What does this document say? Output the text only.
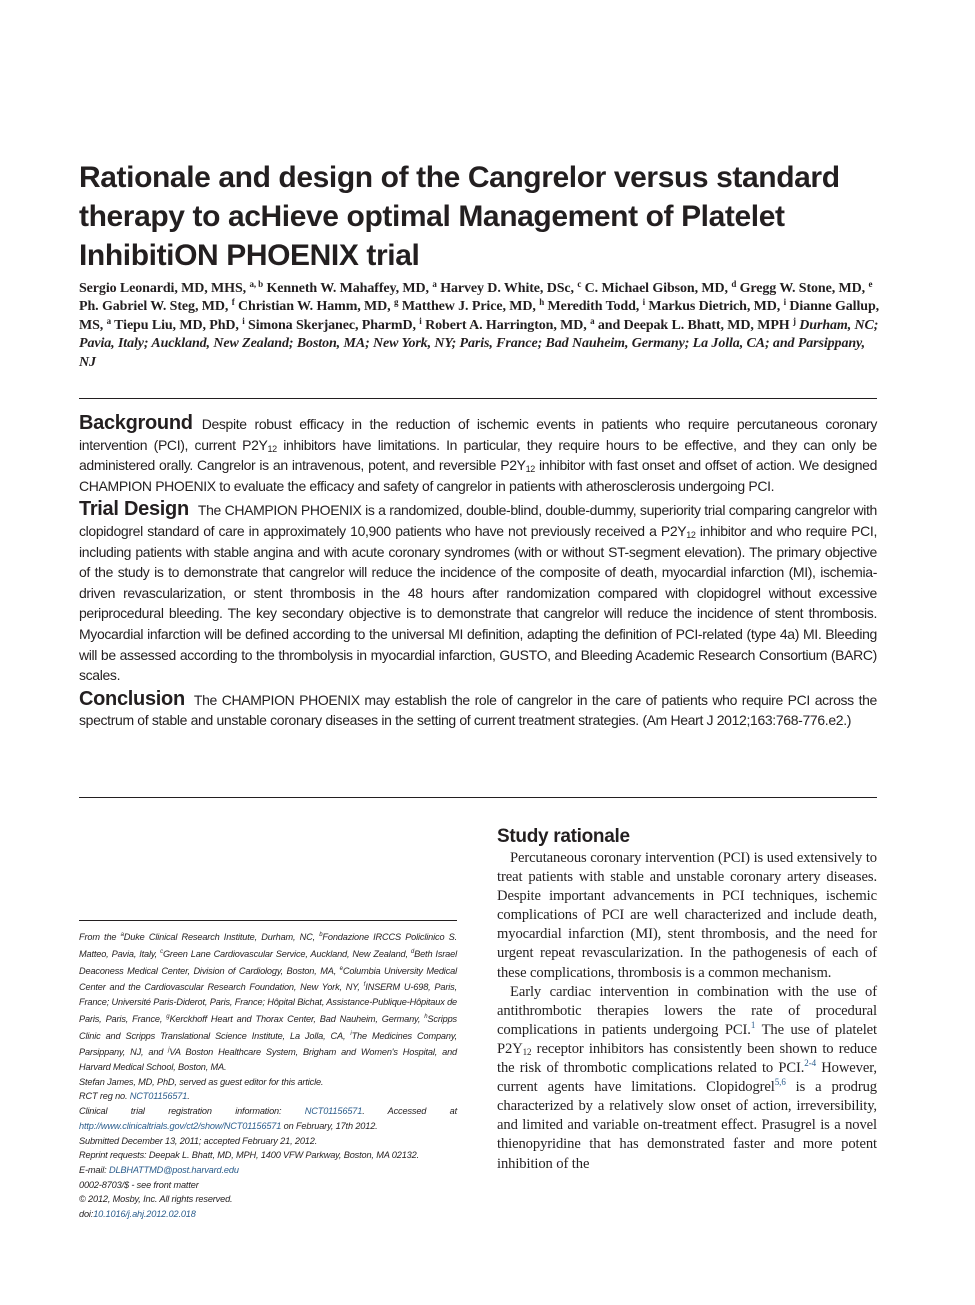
Rationale and design of the Cangrelor versus standard therapy to acHieve optimal Management of Platelet InhibitiON PHOENIX trial
Sergio Leonardi, MD, MHS, $^{a, b}$ Kenneth W. Mahaffey, MD, $^a$ Harvey D. White, DSc, $^c$ C. Michael Gibson, MD, $^d$ Gregg W. Stone, MD, $^e$ Ph. Gabriel W. Steg, MD, $^f$ Christian W. Hamm, MD, $^g$ Matthew J. Price, MD, $^h$ Meredith Todd, $^i$ Markus Dietrich, MD, $^i$ Dianne Gallup, MS, $^a$ Tiepu Liu, MD, PhD, $^i$ Simona Skerjanec, PharmD, $^i$ Robert A. Harrington, MD, $^a$ and Deepak L. Bhatt, MD, MPH $^j$ Durham, NC; Pavia, Italy; Auckland, New Zealand; Boston, MA; New York, NY; Paris, France; Bad Nauheim, Germany; La Jolla, CA; and Parsippany, NJ

Background Despite robust efficacy in the reduction of ischemic events in patients who require percutaneous coronary intervention (PCI), current $P2Y_{12}$ inhibitors have limitations. In particular, they require hours to be effective, and they can only be administered orally. Cangrelor is an intravenous, potent, and reversible $P2Y_{12}$ inhibitor with fast onset and offset of action. We designed CHAMPION PHOENIX to evaluate the efficacy and safety of cangrelor in patients with atherosclerosis undergoing PCI.

Trial Design The CHAMPION PHOENIX is a randomized, double-blind, double-dummy, superiority trial comparing cangrelor with clopidogrel standard of care in approximately 10,900 patients who have not previously received a $P2Y_{12}$ inhibitor and who require PCI, including patients with stable angina and with acute coronary syndromes (with or without ST-segment elevation). The primary objective of the study is to demonstrate that cangrelor will reduce the incidence of the composite of death, myocardial infarction (MI), ischemia-driven revascularization, or stent thrombosis in the 48 hours after randomization compared with clopidogrel without excessive periprocedural bleeding. The key secondary objective is to demonstrate that cangrelor will reduce the incidence of stent thrombosis. Myocardial infarction will be defined according to the universal MI definition, adapting the definition of PCI-related (type 4a) MI. Bleeding will be assessed according to the thrombolysis in myocardial infarction, GUSTO, and Bleeding Academic Research Consortium (BARC) scales.

Conclusion The CHAMPION PHOENIX may establish the role of cangrelor in the care of patients who require PCI across the spectrum of stable and unstable coronary diseases in the setting of current treatment strategies. (Am Heart J 2012;163:768-776.e2.)

Study rationale

Percutaneous coronary intervention (PCI) is used extensively to treat patients with stable and unstable coronary artery diseases. Despite important advancements in PCI techniques, ischemic complications of PCI are well characterized and include death, myocardial infarction (MI), stent thrombosis, and the need for urgent repeat revascularization. In the pathogenesis of each of these complications, thrombosis is a common mechanism.

Early cardiac intervention in combination with the use of antithrombotic therapies lowers the rate of procedural complications in patients undergoing PCI.$^1$ The use of platelet $P2Y_{12}$ receptor inhibitors has consistently been shown to reduce the risk of thrombotic complications related to PCI.$^{2-4}$ However, current agents have limitations. Clopidogrel$^{5,6}$ is a prodrug characterized by a relatively slow onset of action, irreversibility, and limited and variable on-treatment effect. Prasugrel is a novel thienopyridine that has demonstrated faster and more potent inhibition of the

From the $^a$Duke Clinical Research Institute, Durham, NC, $^b$Fondazione IRCCS Policlinico S. Matteo, Pavia, Italy, $^c$Green Lane Cardiovascular Service, Auckland, New Zealand, $^d$Beth Israel Deaconess Medical Center, Division of Cardiology, Boston, MA, $^e$Columbia University Medical Center and the Cardiovascular Research Foundation, New York, NY, $^f$INSERM U-698, Paris, France; Université Paris-Diderot, Paris, France; Hôpital Bichat, Assistance-Publique-Hôpitaux de Paris, Paris, France, $^g$Kerckhoff Heart and Thorax Center, Bad Nauheim, Germany, $^h$Scripps Clinic and Scripps Translational Science Institute, La Jolla, CA, $^i$The Medicines Company, Parsippany, NJ, and $^j$VA Boston Healthcare System, Brigham and Women's Hospital, and Harvard Medical School, Boston, MA.
Stefan James, MD, PhD, served as guest editor for this article.
RCT reg no. NCT01156571.
Clinical trial registration information: NCT01156571. Accessed at http://www.clinicaltrials.gov/ct2/show/NCT01156571 on February, 17th 2012.
Submitted December 13, 2011; accepted February 21, 2012.
Reprint requests: Deepak L. Bhatt, MD, MPH, 1400 VFW Parkway, Boston, MA 02132.
E-mail: DLBHATTMD@post.harvard.edu
0002-8703/$ - see front matter
© 2012, Mosby, Inc. All rights reserved.
doi:10.1016/j.ahj.2012.02.018
